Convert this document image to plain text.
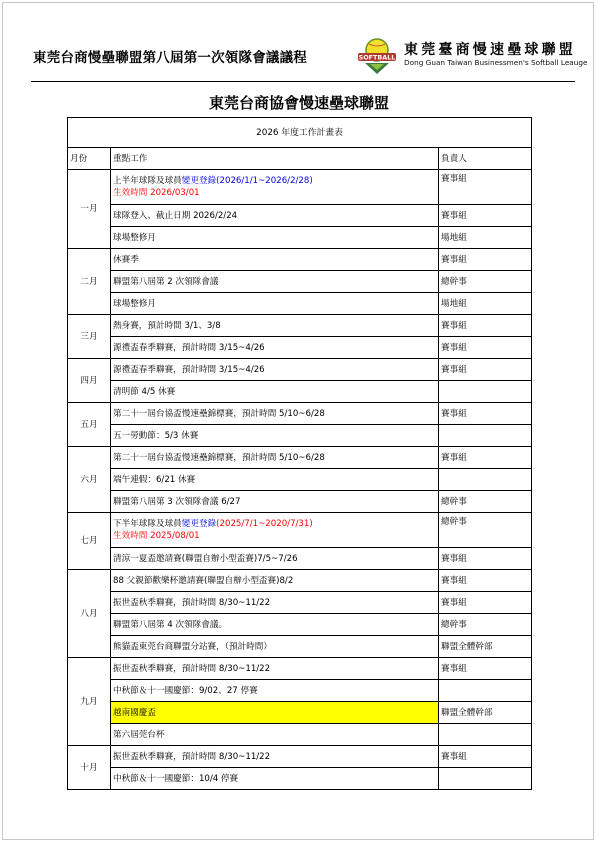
東莞台商慢壘聯盟第八屆第一次領隊會議議程	SOFTBALL 東莞臺商慢速壘球聯盟
Dong Guan Taiwan Businessmen's Softball Leauge
東莞台商協會慢速壘球聯盟
2026 年度工作計畫表		
月份	重點工作	負責人
一月	上半年球隊及球員變更登錄(2026/1/1~2026/2/28)
生效時間 2026/03/01	賽事組
	球隊登入、截止日期 2026/2/24	賽事組
	球場整修月	場地組
二月	休賽季	賽事組
	聯盟第八屆第 2 次領隊會議	總幹事
	球場整修月	場地組
三月	熱身賽，預計時間 3/1、3/8	賽事組
	源禮盃春季聯賽，預計時間 3/15~4/26	賽事組
四月	源禮盃春季聯賽，預計時間 3/15~4/26	賽事組
	清明節 4/5 休賽	
五月	第二十一屆台協盃慢速壘錦標賽，預計時間 5/10~6/28	賽事組
	五一勞動節：5/3 休賽	
六月	第二十一屆台協盃慢速壘錦標賽，預計時間 5/10~6/28	賽事組
	端午連假：6/21 休賽	
	聯盟第八屆第 3 次領隊會議 6/27	總幹事
七月	下半年球隊及球員變更登錄(2025/7/1~2020/7/31)
生效時間 2025/08/01	總幹事
	清涼一夏盃邀請賽(聯盟自辦小型盃賽)7/5~7/26	賽事組
八月	88 父親節歡樂杯邀請賽(聯盟自辦小型盃賽)8/2	賽事組
	振世盃秋季聯賽，預計時間 8/30~11/22	賽事組
	聯盟第八屆第 4 次領隊會議。	總幹事
	熊貓盃東莞台商聯盟分站賽，（預計時間）	聯盟全體幹部
九月	振世盃秋季聯賽，預計時間 8/30~11/22	賽事組
	中秋節＆十一國慶節：9/02、27 停賽	
	越南國慶盃	聯盟全體幹部
	第六屆莞台杯	
十月	振世盃秋季聯賽，預計時間 8/30~11/22	賽事組
	中秋節＆十一國慶節：10/4 停賽	
